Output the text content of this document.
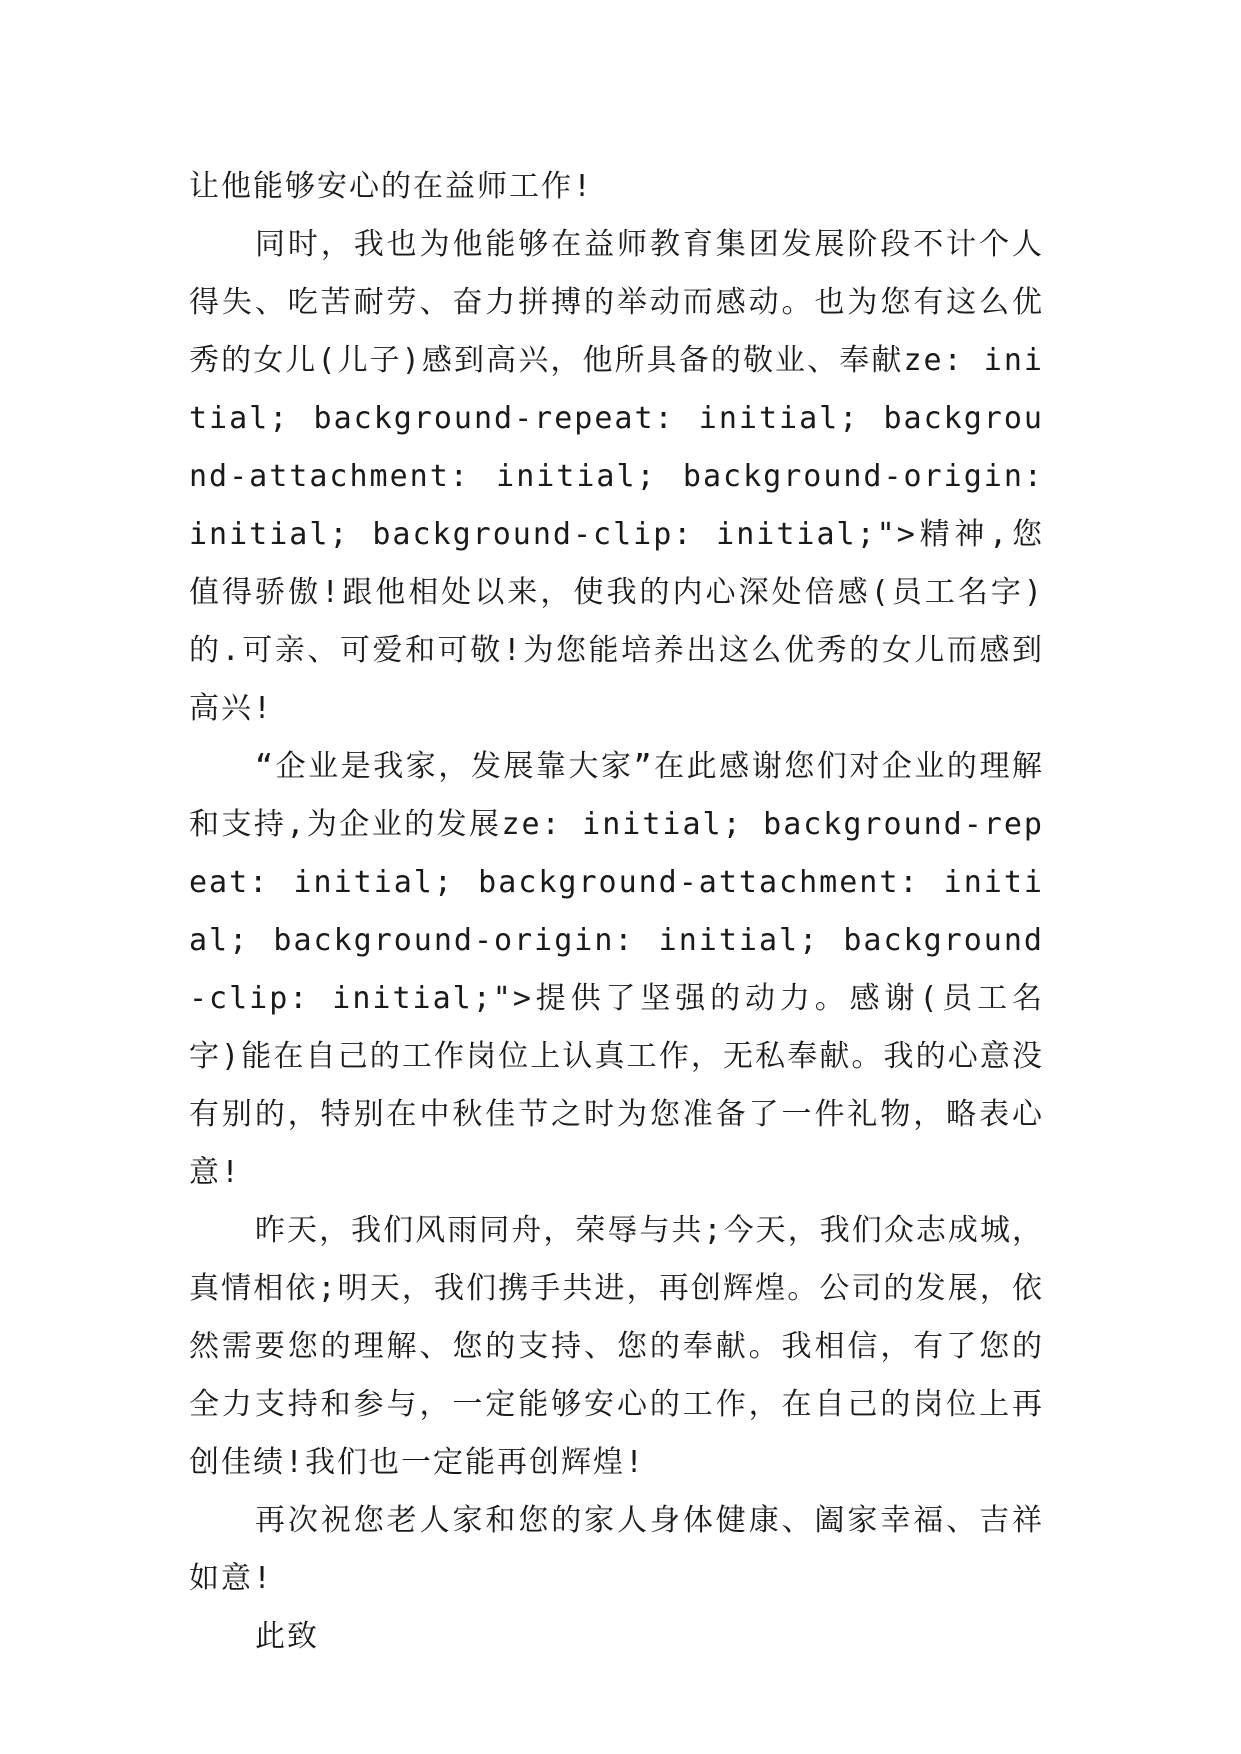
让他能够安心的在益师工作!

同时，我也为他能够在益师教育集团发展阶段不计个人得失、吃苦耐劳、奋力拼搏的举动而感动。也为您有这么优秀的女儿(儿子)感到高兴，他所具备的敬业、奉献ze: initial; background-repeat: initial; background-attachment: initial; background-origin: initial; background-clip: initial;">精神,您值得骄傲!跟他相处以来，使我的内心深处倍感(员工名字)的.可亲、可爱和可敬!为您能培养出这么优秀的女儿而感到高兴!

“企业是我家，发展靠大家”在此感谢您们对企业的理解和支持,为企业的发展ze: initial; background-repeat: initial; background-attachment: initial; background-origin: initial; background-clip: initial;">提供了坚强的动力。感谢(员工名字)能在自己的工作岗位上认真工作，无私奉献。我的心意没有别的，特别在中秋佳节之时为您准备了一件礼物，略表心意!

昨天，我们风雨同舟，荣辱与共;今天，我们众志成城，真情相依;明天，我们携手共进，再创辉煌。公司的发展，依然需要您的理解、您的支持、您的奉献。我相信，有了您的全力支持和参与，一定能够安心的工作，在自己的岗位上再创佳绩!我们也一定能再创辉煌!

再次祝您老人家和您的家人身体健康、阖家幸福、吉祥如意!

此致
